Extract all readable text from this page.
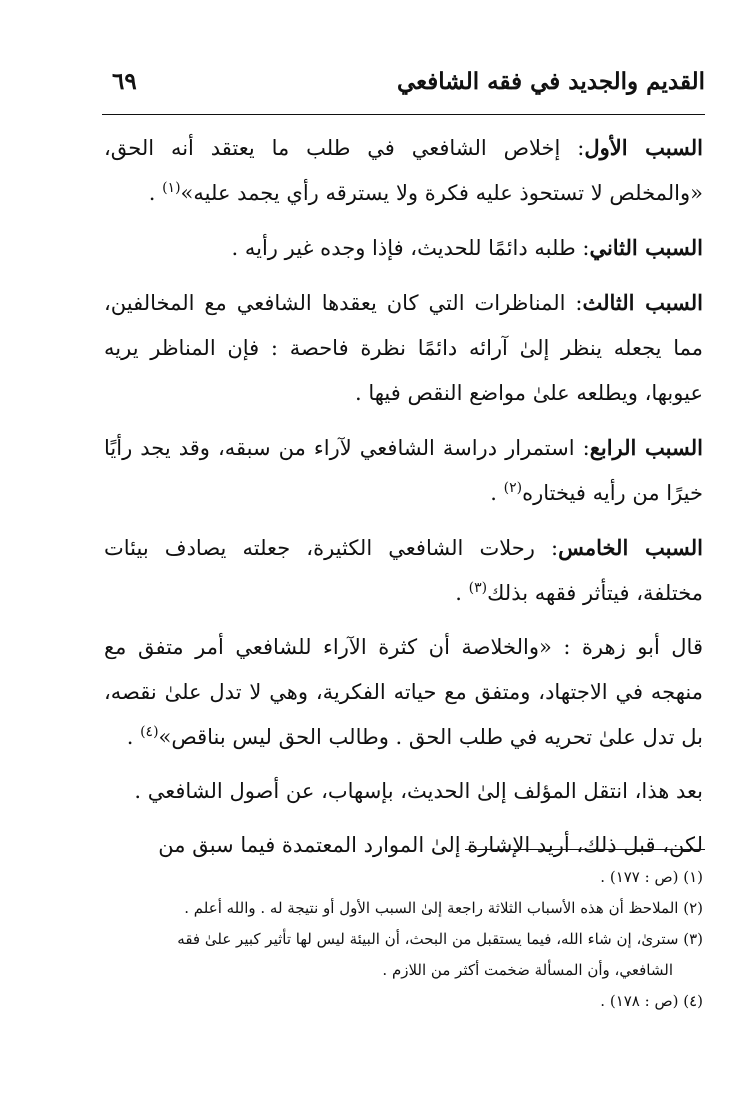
القديم والجديد في فقه الشافعي
٦٩

السبب الأول: إخلاص الشافعي في طلب ما يعتقد أنه الحق، «والمخلص لا تستحوذ عليه فكرة ولا يسترقه رأي يجمد عليه»$^{(١)}$ .

السبب الثاني: طلبه دائمًا للحديث، فإذا وجده غير رأيه .

السبب الثالث: المناظرات التي كان يعقدها الشافعي مع المخالفين، مما يجعله ينظر إلىٰ آرائه دائمًا نظرة فاحصة : فإن المناظر يريه عيوبها، ويطلعه علىٰ مواضع النقص فيها .

السبب الرابع: استمرار دراسة الشافعي لآراء من سبقه، وقد يجد رأيًا خيرًا من رأيه فيختاره$^{(٢)}$ .

السبب الخامس: رحلات الشافعي الكثيرة، جعلته يصادف بيئات مختلفة، فيتأثر فقهه بذلك$^{(٣)}$ .

قال أبو زهرة : «والخلاصة أن كثرة الآراء للشافعي أمر متفق مع منهجه في الاجتهاد، ومتفق مع حياته الفكرية، وهي لا تدل علىٰ نقصه، بل تدل علىٰ تحريه في طلب الحق . وطالب الحق ليس بناقص»$^{(٤)}$ .

بعد هذا، انتقل المؤلف إلىٰ الحديث، بإسهاب، عن أصول الشافعي .

لكن، قبل ذلك، أريد الإشارة إلىٰ الموارد المعتمدة فيما سبق من

(١) (ص : ١٧٧) .

(٢) الملاحظ أن هذه الأسباب الثلاثة راجعة إلىٰ السبب الأول أو نتيجة له . والله أعلم .

(٣) سترىٰ، إن شاء الله، فيما يستقبل من البحث، أن البيئة ليس لها تأثير كبير علىٰ فقه

الشافعي، وأن المسألة ضخمت أكثر من اللازم .

(٤) (ص : ١٧٨) .
